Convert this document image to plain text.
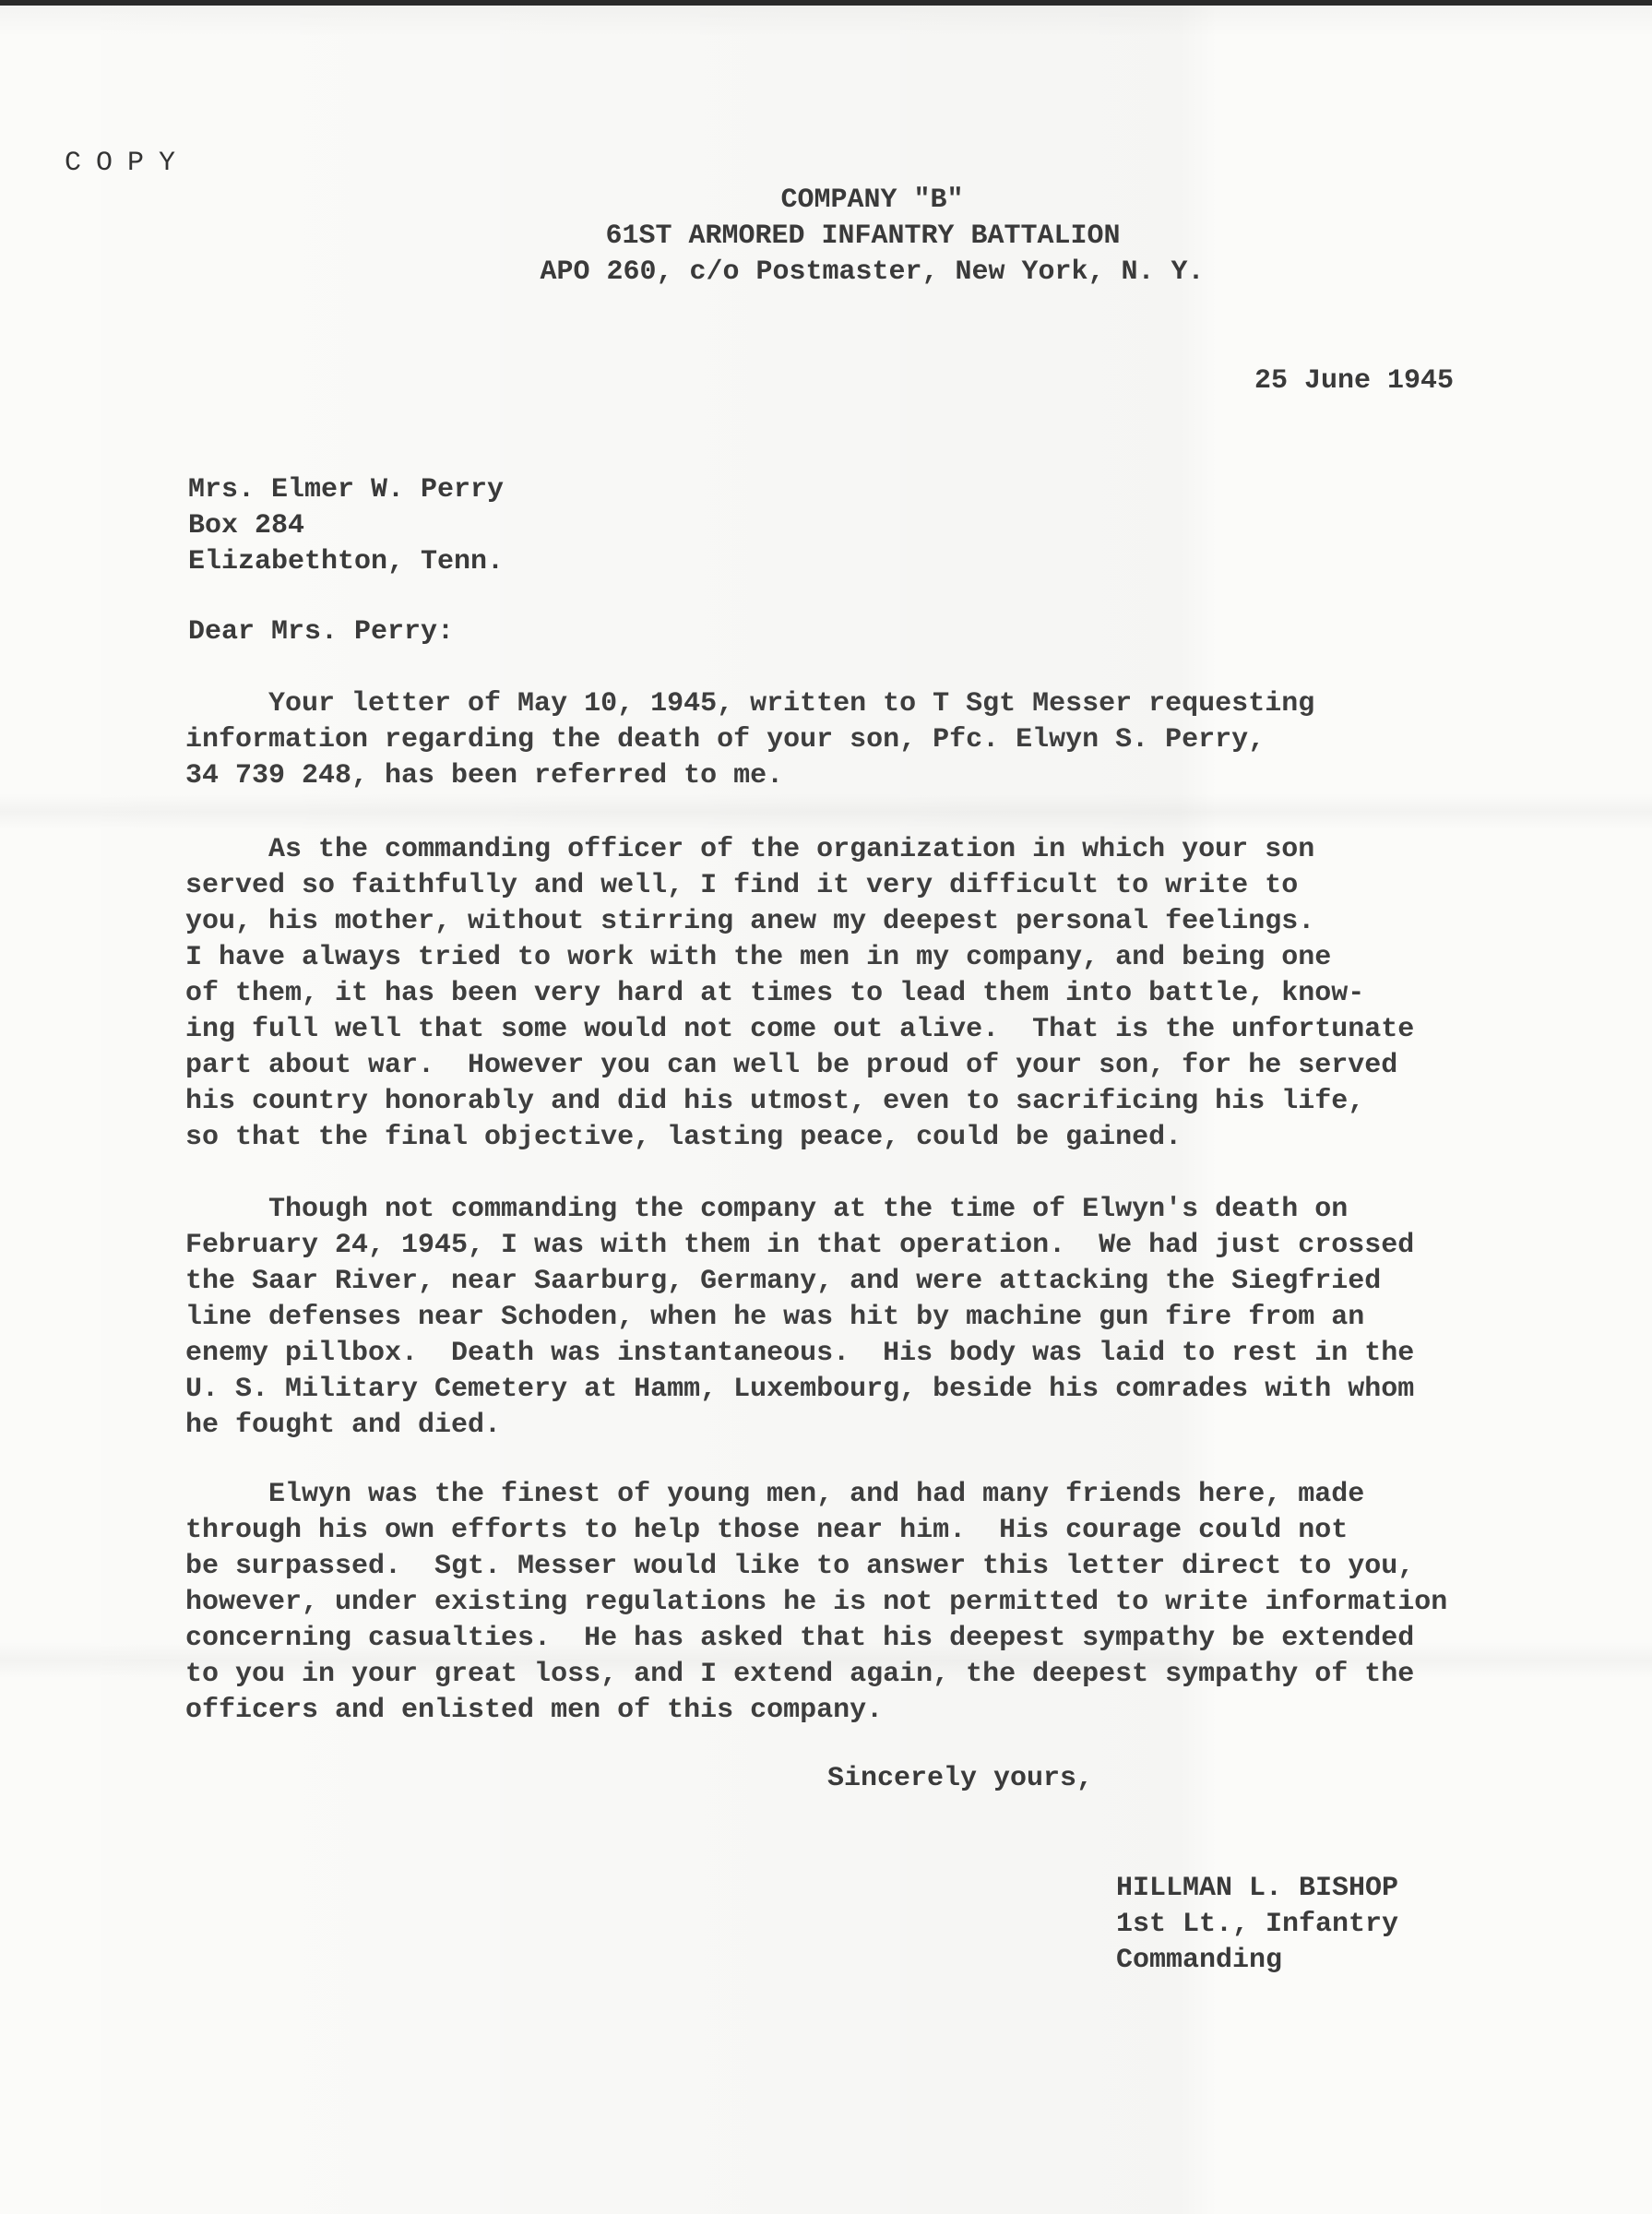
COPY
COMPANY "B"
61ST ARMORED INFANTRY BATTALION
APO 260, c/o Postmaster, New York, N. Y.
25 June 1945
Mrs. Elmer W. Perry
Box 284
Elizabethton, Tenn.
Dear Mrs. Perry:
Your letter of May 10, 1945, written to T Sgt Messer requesting
information regarding the death of your son, Pfc. Elwyn S. Perry,
34 739 248, has been referred to me.
As the commanding officer of the organization in which your son
served so faithfully and well, I find it very difficult to write to
you, his mother, without stirring anew my deepest personal feelings.
I have always tried to work with the men in my company, and being one
of them, it has been very hard at times to lead them into battle, know-
ing full well that some would not come out alive.  That is the unfortunate
part about war.  However you can well be proud of your son, for he served
his country honorably and did his utmost, even to sacrificing his life,
so that the final objective, lasting peace, could be gained.
Though not commanding the company at the time of Elwyn's death on
February 24, 1945, I was with them in that operation.  We had just crossed
the Saar River, near Saarburg, Germany, and were attacking the Siegfried
line defenses near Schoden, when he was hit by machine gun fire from an
enemy pillbox.  Death was instantaneous.  His body was laid to rest in the
U. S. Military Cemetery at Hamm, Luxembourg, beside his comrades with whom
he fought and died.
Elwyn was the finest of young men, and had many friends here, made
through his own efforts to help those near him.  His courage could not
be surpassed.  Sgt. Messer would like to answer this letter direct to you,
however, under existing regulations he is not permitted to write information
concerning casualties.  He has asked that his deepest sympathy be extended
to you in your great loss, and I extend again, the deepest sympathy of the
officers and enlisted men of this company.
Sincerely yours,
HILLMAN L. BISHOP
1st Lt., Infantry
Commanding
